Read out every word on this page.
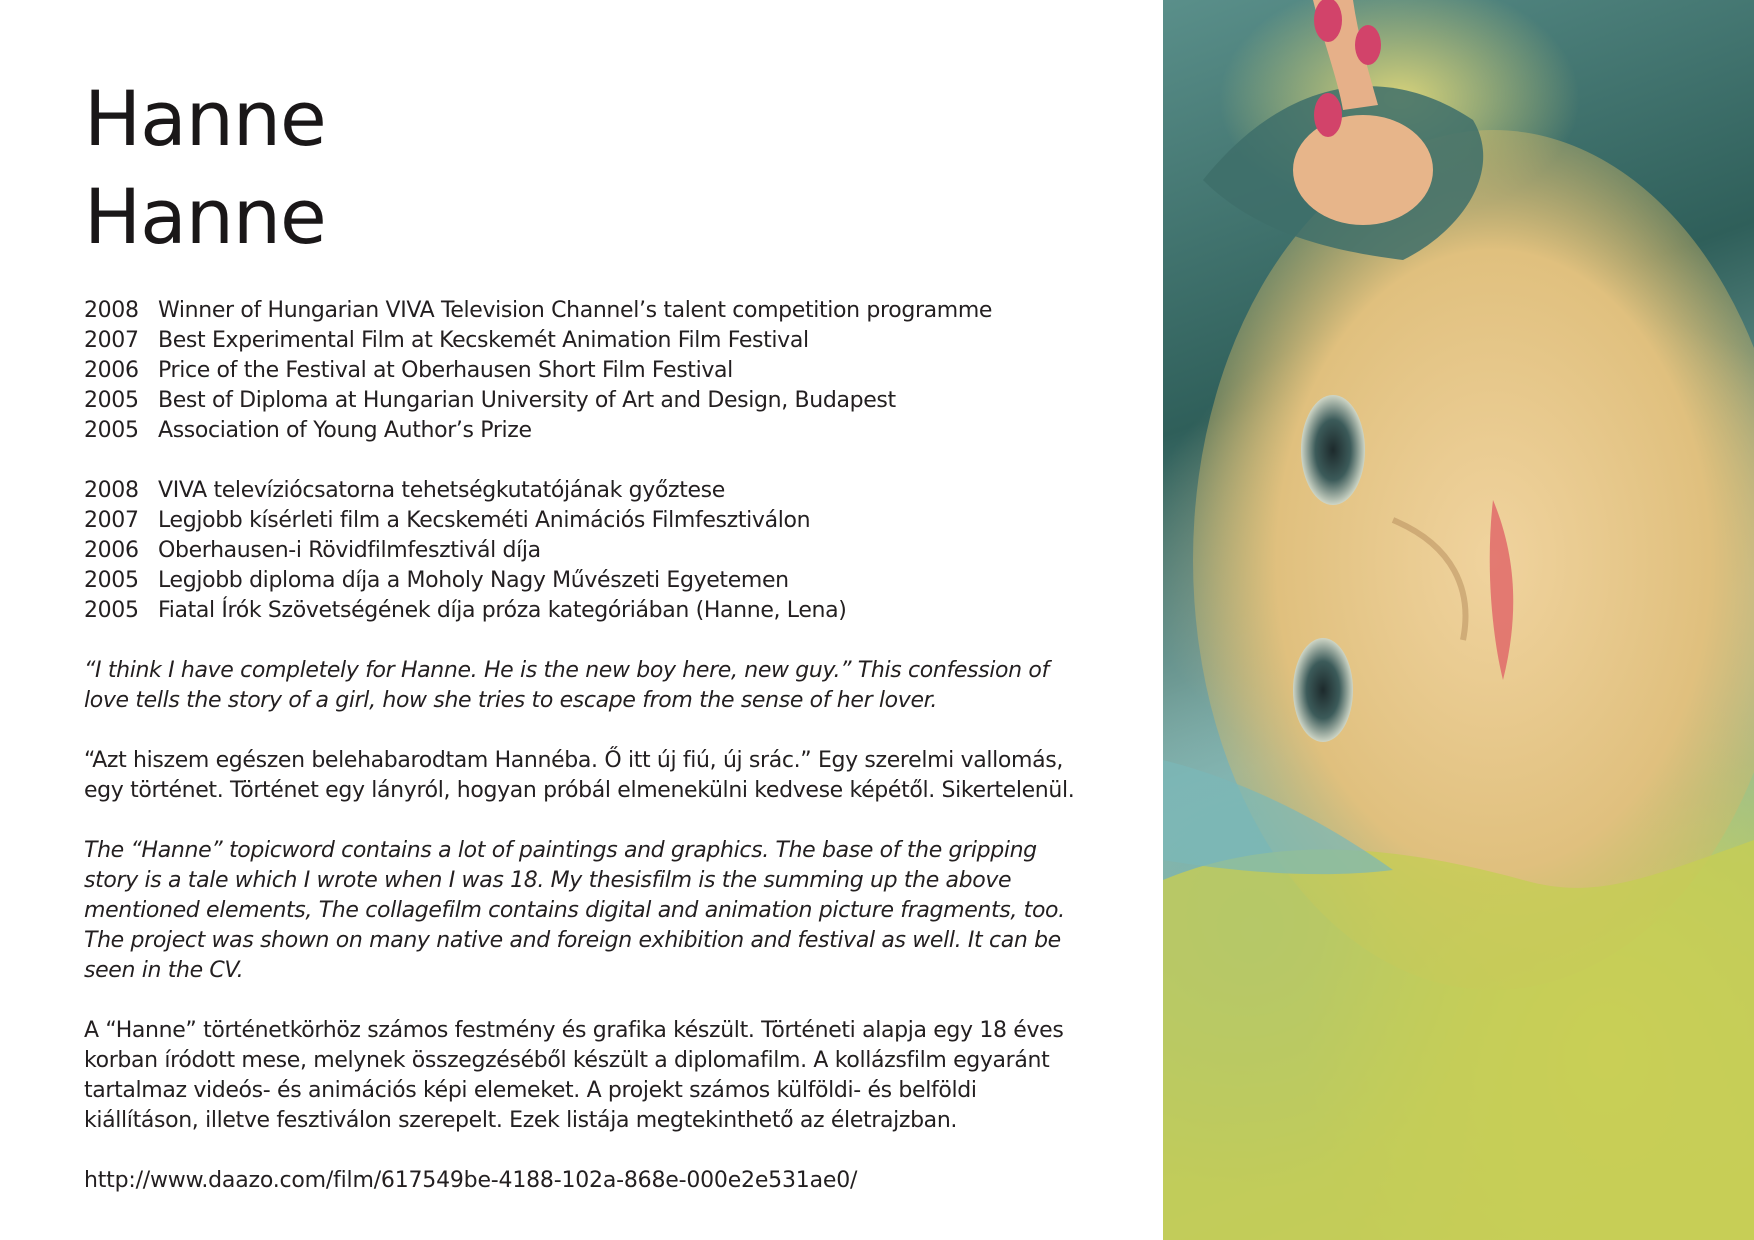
Hanne
Hanne
2008 Winner of Hungarian VIVA Television Channel’s talent competition programme
2007 Best Experimental Film at Kecskemét Animation Film Festival
2006 Price of the Festival at Oberhausen Short Film Festival
2005 Best of Diploma at Hungarian University of Art and Design, Budapest
2005 Association of Young Author’s Prize
2008 VIVA televíziócsatorna tehetségkutatójának győztese
2007 Legjobb kísérleti film a Kecskeméti Animációs Filmfesztiválon
2006 Oberhausen-i Rövidfilmfesztivál díja
2005 Legjobb diploma díja a Moholy Nagy Művészeti Egyetemen
2005 Fiatal Írók Szövetségének díja próza kategóriában (Hanne, Lena)

“I think I have completely for Hanne. He is the new boy here, new guy.” This confession of love tells the story of a girl, how she tries to escape from the sense of her lover.

“Azt hiszem egészen belehabarodtam Hannéba. Ő itt új fiú, új srác.” Egy szerelmi vallomás, egy történet. Történet egy lányról, hogyan próbál elmenekülni kedvese képétől. Sikertelenül.

The “Hanne” topicword contains a lot of paintings and graphics. The base of the gripping story is a tale which I wrote when I was 18. My thesisfilm is the summing up the above mentioned elements, The collagefilm contains digital and animation picture fragments, too. The project was shown on many native and foreign exhibition and festival as well. It can be seen in the CV.

A “Hanne” történetkörhöz számos festmény és grafika készült. Történeti alapja egy 18 éves korban íródott mese, melynek összegzéséből készült a diplomafilm. A kollázsfilm egyaránt tartalmaz videós- és animációs képi elemeket. A projekt számos külföldi- és belföldi kiállításon, illetve fesztiválon szerepelt. Ezek listája megtekinthető az életrajzban.

http://www.daazo.com/film/617549be-4188-102a-868e-000e2e531ae0/
